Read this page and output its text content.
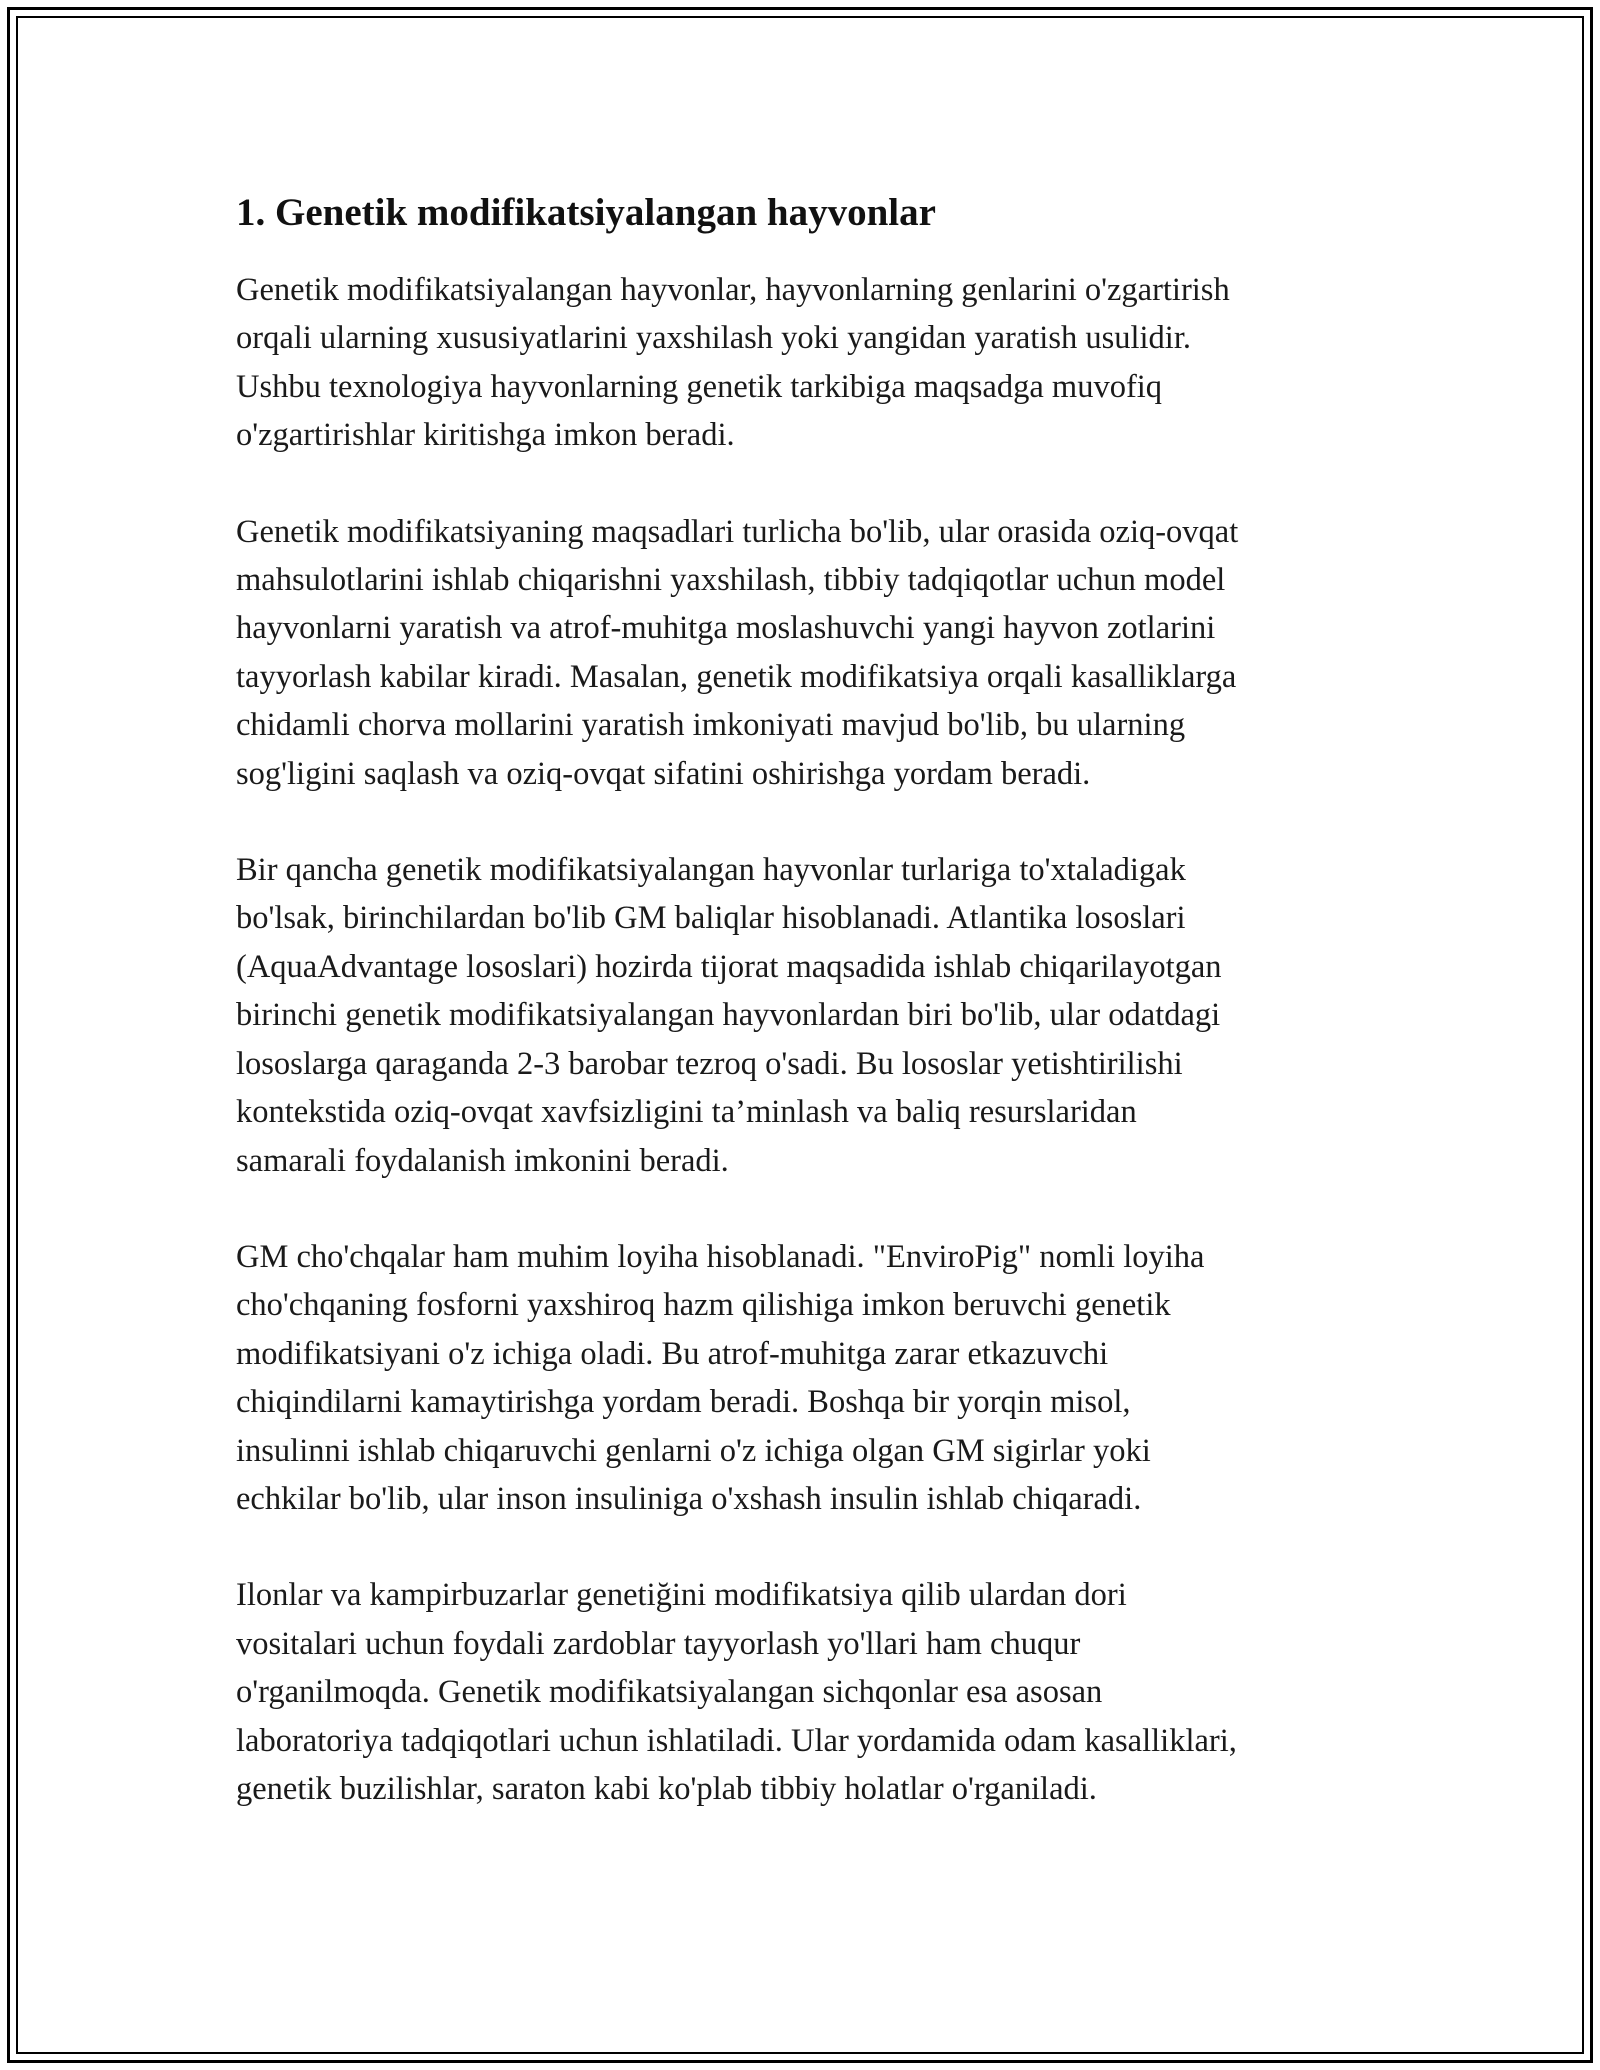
1. Genetik modifikatsiyalangan hayvonlar
Genetik modifikatsiyalangan hayvonlar, hayvonlarning genlarini o'zgartirish
orqali ularning xususiyatlarini yaxshilash yoki yangidan yaratish usulidir.
Ushbu texnologiya hayvonlarning genetik tarkibiga maqsadga muvofiq
o'zgartirishlar kiritishga imkon beradi.
Genetik modifikatsiyaning maqsadlari turlicha bo'lib, ular orasida oziq-ovqat
mahsulotlarini ishlab chiqarishni yaxshilash, tibbiy tadqiqotlar uchun model
hayvonlarni yaratish va atrof-muhitga moslashuvchi yangi hayvon zotlarini
tayyorlash kabilar kiradi. Masalan, genetik modifikatsiya orqali kasalliklarga
chidamli chorva mollarini yaratish imkoniyati mavjud bo'lib, bu ularning
sog'ligini saqlash va oziq-ovqat sifatini oshirishga yordam beradi.
Bir qancha genetik modifikatsiyalangan hayvonlar turlariga to'xtaladigak
bo'lsak, birinchilardan bo'lib GM baliqlar hisoblanadi. Atlantika lososlari
(AquaAdvantage lososlari) hozirda tijorat maqsadida ishlab chiqarilayotgan
birinchi genetik modifikatsiyalangan hayvonlardan biri bo'lib, ular odatdagi
lososlarga qaraganda 2-3 barobar tezroq o'sadi. Bu lososlar yetishtirilishi
kontekstida oziq-ovqat xavfsizligini ta’minlash va baliq resurslaridan
samarali foydalanish imkonini beradi.
GM cho'chqalar ham muhim loyiha hisoblanadi. "EnviroPig" nomli loyiha
cho'chqaning fosforni yaxshiroq hazm qilishiga imkon beruvchi genetik
modifikatsiyani o'z ichiga oladi. Bu atrof-muhitga zarar etkazuvchi
chiqindilarni kamaytirishga yordam beradi. Boshqa bir yorqin misol,
insulinni ishlab chiqaruvchi genlarni o'z ichiga olgan GM sigirlar yoki
echkilar bo'lib, ular inson insuliniga o'xshash insulin ishlab chiqaradi.
Ilonlar va kampirbuzarlar genetiğini modifikatsiya qilib ulardan dori
vositalari uchun foydali zardoblar tayyorlash yo'llari ham chuqur
o'rganilmoqda. Genetik modifikatsiyalangan sichqonlar esa asosan
laboratoriya tadqiqotlari uchun ishlatiladi. Ular yordamida odam kasalliklari,
genetik buzilishlar, saraton kabi ko'plab tibbiy holatlar o'rganiladi.
